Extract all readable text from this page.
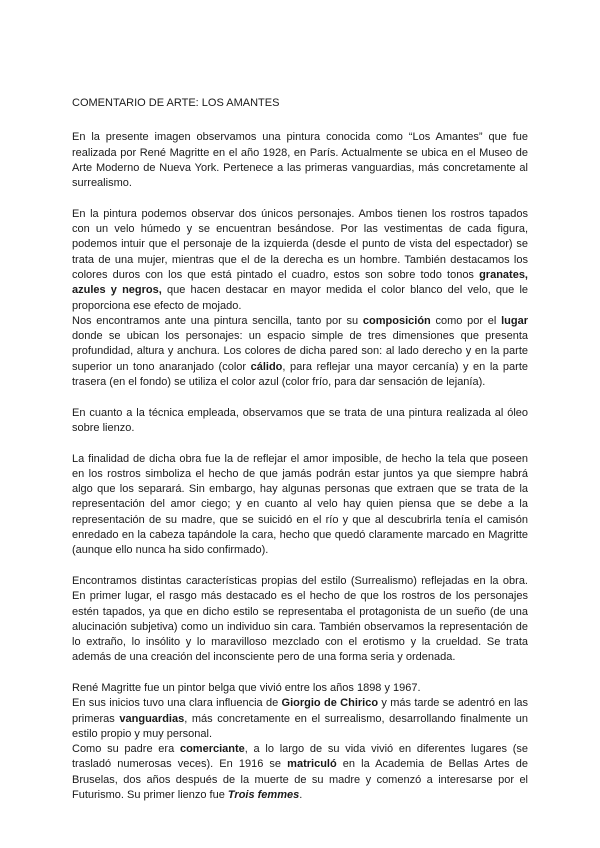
COMENTARIO DE ARTE: LOS AMANTES

En la presente imagen observamos una pintura conocida como “Los Amantes” que fue realizada por René Magritte en el año 1928, en París. Actualmente se ubica en el Museo de Arte Moderno de Nueva York. Pertenece a las primeras vanguardias, más concretamente al surrealismo.

En la pintura podemos observar dos únicos personajes. Ambos tienen los rostros tapados con un velo húmedo y se encuentran besándose. Por las vestimentas de cada figura, podemos intuir que el personaje de la izquierda (desde el punto de vista del espectador) se trata de una mujer, mientras que el de la derecha es un hombre. También destacamos los colores duros con los que está pintado el cuadro, estos son sobre todo tonos granates, azules y negros, que hacen destacar en mayor medida el color blanco del velo, que le proporciona ese efecto de mojado.

Nos encontramos ante una pintura sencilla, tanto por su composición como por el lugar donde se ubican los personajes: un espacio simple de tres dimensiones que presenta profundidad, altura y anchura. Los colores de dicha pared son: al lado derecho y en la parte superior un tono anaranjado (color cálido, para reflejar una mayor cercanía) y en la parte trasera (en el fondo) se utiliza el color azul (color frío, para dar sensación de lejanía).

En cuanto a la técnica empleada, observamos que se trata de una pintura realizada al óleo sobre lienzo.

La finalidad de dicha obra fue la de reflejar el amor imposible, de hecho la tela que poseen en los rostros simboliza el hecho de que jamás podrán estar juntos ya que siempre habrá algo que los separará. Sin embargo, hay algunas personas que extraen que se trata de la representación del amor ciego; y en cuanto al velo hay quien piensa que se debe a la representación de su madre, que se suicidó en el río y que al descubrirla tenía el camisón enredado en la cabeza tapándole la cara, hecho que quedó claramente marcado en Magritte (aunque ello nunca ha sido confirmado).

Encontramos distintas características propias del estilo (Surrealismo) reflejadas en la obra. En primer lugar, el rasgo más destacado es el hecho de que los rostros de los personajes estén tapados, ya que en dicho estilo se representaba el protagonista de un sueño (de una alucinación subjetiva) como un individuo sin cara. También observamos la representación de lo extraño, lo insólito y lo maravilloso mezclado con el erotismo y la crueldad. Se trata además de una creación del inconsciente pero de una forma seria y ordenada.

René Magritte fue un pintor belga que vivió entre los años 1898 y 1967.

En sus inicios tuvo una clara influencia de Giorgio de Chirico y más tarde se adentró en las primeras vanguardias, más concretamente en el surrealismo, desarrollando finalmente un estilo propio y muy personal.

Como su padre era comerciante, a lo largo de su vida vivió en diferentes lugares (se trasladó numerosas veces). En 1916 se matriculó en la Academia de Bellas Artes de Bruselas, dos años después de la muerte de su madre y comenzó a interesarse por el Futurismo. Su primer lienzo fue Trois femmes.
